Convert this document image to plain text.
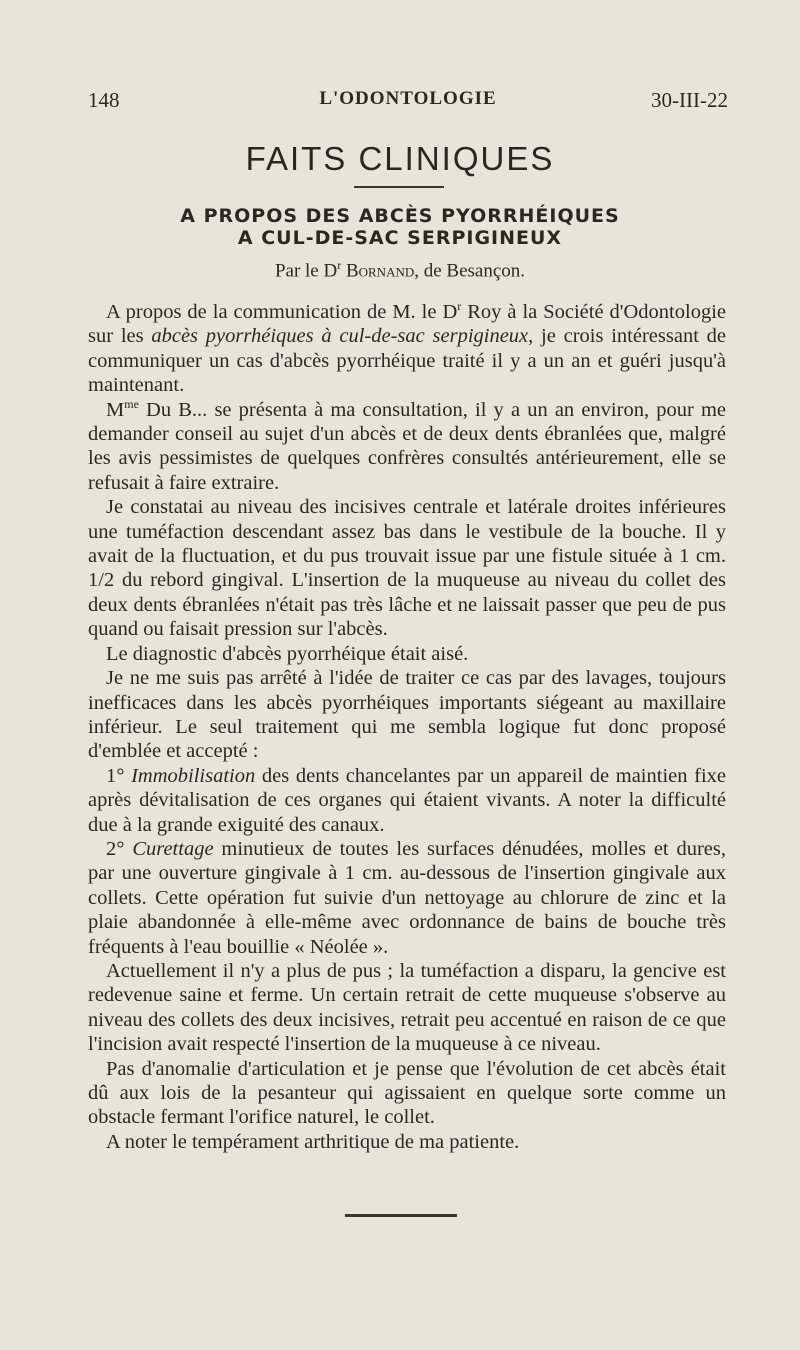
148	L'ODONTOLOGIE	30-III-22
FAITS CLINIQUES
A PROPOS DES ABCÈS PYORRHÉIQUES
A CUL-DE-SAC SERPIGINEUX
Par le $D^r$ Bornand, de Besançon.

A propos de la communication de M. le $D^r$ Roy à la Société d'Odontologie sur les abcès pyorrhéiques à cul-de-sac serpigineux, je crois intéressant de communiquer un cas d'abcès pyorrhéique traité il y a un an et guéri jusqu'à maintenant.

$M^{me}$ Du B... se présenta à ma consultation, il y a un an environ, pour me demander conseil au sujet d'un abcès et de deux dents ébranlées que, malgré les avis pessimistes de quelques confrères consultés antérieurement, elle se refusait à faire extraire.

Je constatai au niveau des incisives centrale et latérale droites inférieures une tuméfaction descendant assez bas dans le vestibule de la bouche. Il y avait de la fluctuation, et du pus trouvait issue par une fistule située à 1 cm. 1/2 du rebord gingival. L'insertion de la muqueuse au niveau du collet des deux dents ébranlées n'était pas très lâche et ne laissait passer que peu de pus quand ou faisait pression sur l'abcès.

Le diagnostic d'abcès pyorrhéique était aisé.

Je ne me suis pas arrêté à l'idée de traiter ce cas par des lavages, toujours inefficaces dans les abcès pyorrhéiques importants siégeant au maxillaire inférieur. Le seul traitement qui me sembla logique fut donc proposé d'emblée et accepté :

1° Immobilisation des dents chancelantes par un appareil de maintien fixe après dévitalisation de ces organes qui étaient vivants. A noter la difficulté due à la grande exiguité des canaux.

2° Curettage minutieux de toutes les surfaces dénudées, molles et dures, par une ouverture gingivale à 1 cm. au-dessous de l'insertion gingivale aux collets. Cette opération fut suivie d'un nettoyage au chlorure de zinc et la plaie abandonnée à elle-même avec ordonnance de bains de bouche très fréquents à l'eau bouillie « Néolée ».

Actuellement il n'y a plus de pus ; la tuméfaction a disparu, la gencive est redevenue saine et ferme. Un certain retrait de cette muqueuse s'observe au niveau des collets des deux incisives, retrait peu accentué en raison de ce que l'incision avait respecté l'insertion de la muqueuse à ce niveau.

Pas d'anomalie d'articulation et je pense que l'évolution de cet abcès était dû aux lois de la pesanteur qui agissaient en quelque sorte comme un obstacle fermant l'orifice naturel, le collet.

A noter le tempérament arthritique de ma patiente.
